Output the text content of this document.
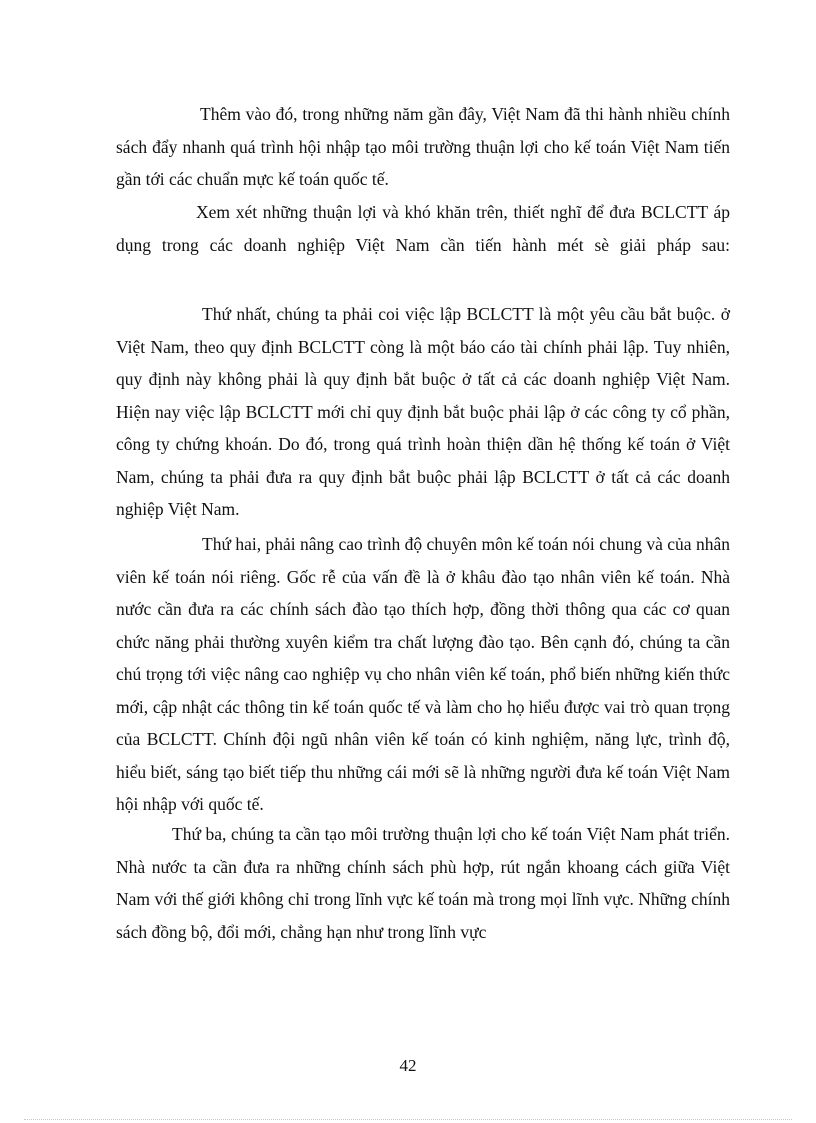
Thêm vào đó, trong những năm gần đây, Việt Nam đã thi hành nhiều chính sách đẩy nhanh quá trình hội nhập tạo môi trường thuận lợi cho kế toán Việt Nam tiến gần tới các chuẩn mực kế toán quốc tế.

Xem xét những thuận lợi và khó khăn trên, thiết nghĩ để đưa BCLCTT áp dụng trong các doanh nghiệp Việt Nam cần tiến hành mét sè giải pháp sau:

Thứ nhất, chúng ta phải coi việc lập BCLCTT là một yêu cầu bắt buộc. ở Việt Nam, theo quy định BCLCTT còng là một báo cáo tài chính phải lập. Tuy nhiên, quy định này không phải là quy định bắt buộc ở tất cả các doanh nghiệp Việt Nam. Hiện nay việc lập BCLCTT mới chỉ quy định bắt buộc phải lập ở các công ty cổ phần, công ty chứng khoán. Do đó, trong quá trình hoàn thiện dần hệ thống kế toán ở Việt Nam, chúng ta phải đưa ra quy định bắt buộc phải lập BCLCTT ở tất cả các doanh nghiệp Việt Nam.

Thứ hai, phải nâng cao trình độ chuyên môn kế toán nói chung và của nhân viên kế toán nói riêng. Gốc rễ của vấn đề là ở khâu đào tạo nhân viên kế toán. Nhà nước cần đưa ra các chính sách đào tạo thích hợp, đồng thời thông qua các cơ quan chức năng phải thường xuyên kiểm tra chất lượng đào tạo. Bên cạnh đó, chúng ta cần chú trọng tới việc nâng cao nghiệp vụ cho nhân viên kế toán, phổ biến những kiến thức mới, cập nhật các thông tin kế toán quốc tế và làm cho họ hiểu được vai trò quan trọng của BCLCTT. Chính đội ngũ nhân viên kế toán có kinh nghiệm, năng lực, trình độ, hiểu biết, sáng tạo biết tiếp thu những cái mới sẽ là những người đưa kế toán Việt Nam hội nhập với quốc tế.

Thứ ba, chúng ta cần tạo môi trường thuận lợi cho kế toán Việt Nam phát triển. Nhà nước ta cần đưa ra những chính sách phù hợp, rút ngắn khoang cách giữa Việt Nam với thế giới không chỉ trong lĩnh vực kế toán mà trong mọi lĩnh vực. Những chính sách đồng bộ, đổi mới, chẳng hạn như trong lĩnh vực

42
